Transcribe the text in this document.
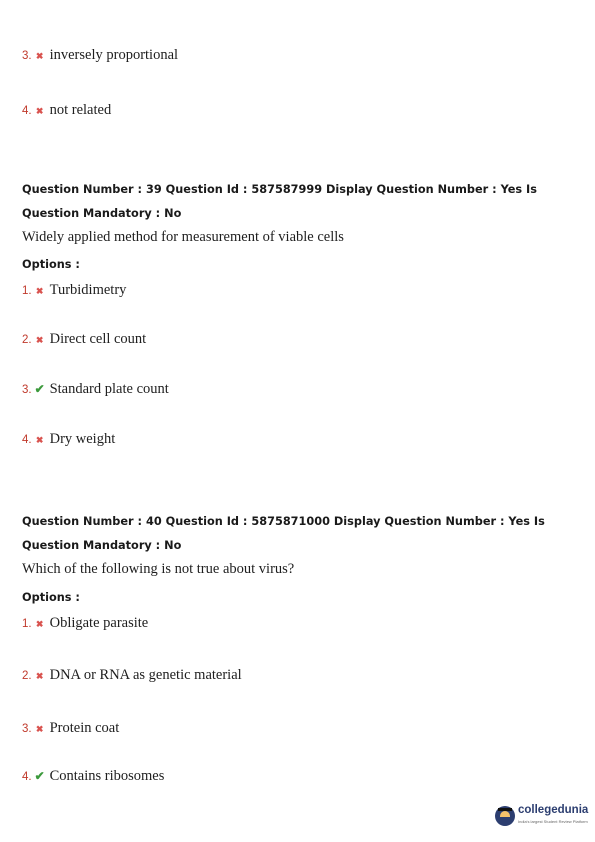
3. ✖ inversely proportional
4. ✖ not related
Question Number : 39 Question Id : 587587999 Display Question Number : Yes Is Question Mandatory : No
Widely applied method for measurement of viable cells
Options :
1. ✖ Turbidimetry
2. ✖ Direct cell count
3. ✔ Standard plate count
4. ✖ Dry weight
Question Number : 40 Question Id : 5875871000 Display Question Number : Yes Is Question Mandatory : No
Which of the following is not true about virus?
Options :
1. ✖ Obligate parasite
2. ✖ DNA or RNA as genetic material
3. ✖ Protein coat
4. ✔ Contains ribosomes
collegedunia
India's largest Student Review Platform
